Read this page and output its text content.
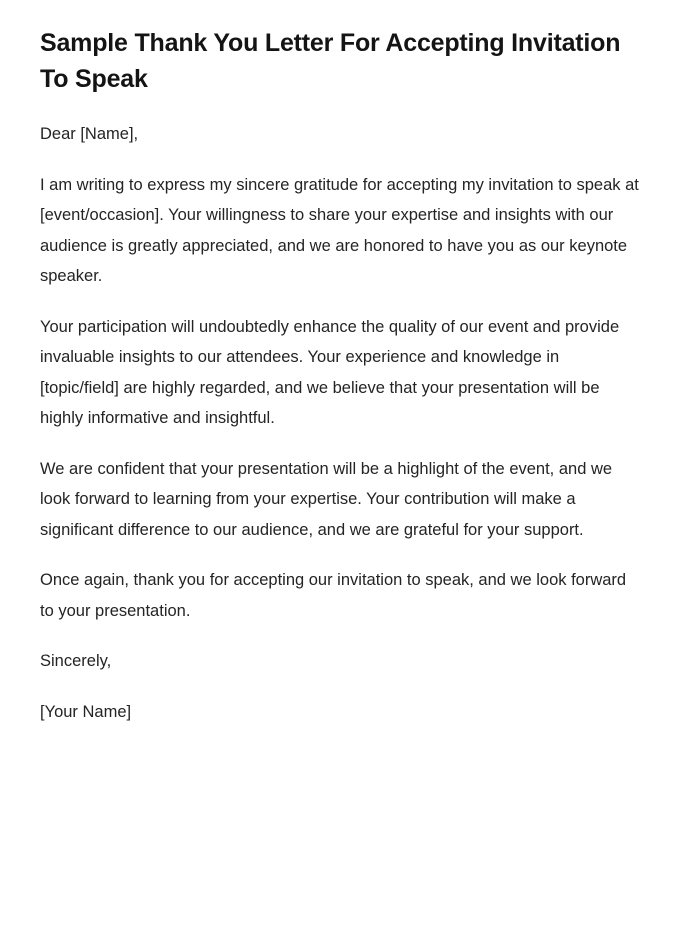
Sample Thank You Letter For Accepting Invitation To Speak

Dear [Name],

I am writing to express my sincere gratitude for accepting my invitation to speak at [event/occasion]. Your willingness to share your expertise and insights with our audience is greatly appreciated, and we are honored to have you as our keynote speaker.

Your participation will undoubtedly enhance the quality of our event and provide invaluable insights to our attendees. Your experience and knowledge in [topic/field] are highly regarded, and we believe that your presentation will be highly informative and insightful.

We are confident that your presentation will be a highlight of the event, and we look forward to learning from your expertise. Your contribution will make a significant difference to our audience, and we are grateful for your support.

Once again, thank you for accepting our invitation to speak, and we look forward to your presentation.

Sincerely,

[Your Name]
